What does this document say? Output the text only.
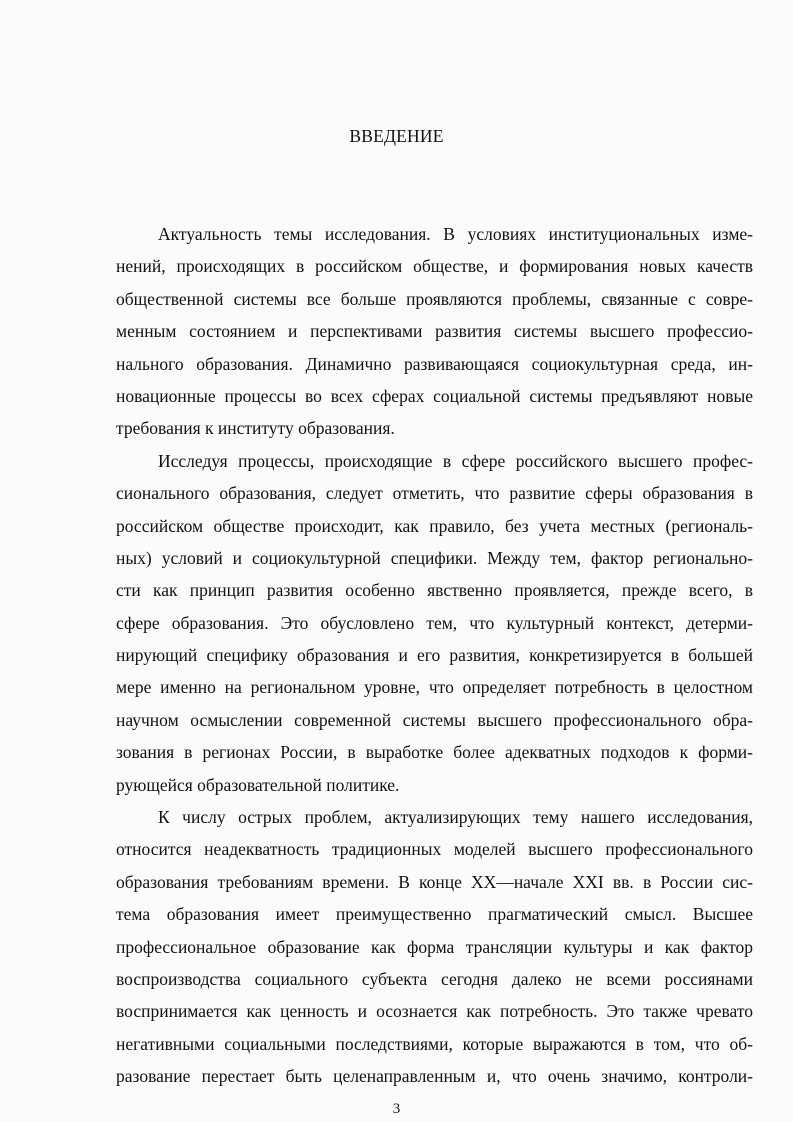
ВВЕДЕНИЕ
Актуальность темы исследования. В условиях институциональных изме-
нений, происходящих в российском обществе, и формирования новых качеств
общественной системы все больше проявляются проблемы, связанные с совре-
менным состоянием и перспективами развития системы высшего профессио-
нального образования. Динамично развивающаяся социокультурная среда, ин-
новационные процессы во всех сферах социальной системы предъявляют новые
требования к институту образования.
Исследуя процессы, происходящие в сфере российского высшего профес-
сионального образования, следует отметить, что развитие сферы образования в
российском обществе происходит, как правило, без учета местных (региональ-
ных) условий и социокультурной специфики. Между тем, фактор регионально-
сти как принцип развития особенно явственно проявляется, прежде всего, в
сфере образования. Это обусловлено тем, что культурный контекст, детерми-
нирующий специфику образования и его развития, конкретизируется в большей
мере именно на региональном уровне, что определяет потребность в целостном
научном осмыслении современной системы высшего профессионального обра-
зования в регионах России, в выработке более адекватных подходов к форми-
рующейся образовательной политике.
К числу острых проблем, актуализирующих тему нашего исследования,
относится неадекватность традиционных моделей высшего профессионального
образования требованиям времени. В конце XX—начале XXI вв. в России сис-
тема образования имеет преимущественно прагматический смысл. Высшее
профессиональное образование как форма трансляции культуры и как фактор
воспроизводства социального субъекта сегодня далеко не всеми россиянами
воспринимается как ценность и осознается как потребность. Это также чревато
негативными социальными последствиями, которые выражаются в том, что об-
разование перестает быть целенаправленным и, что очень значимо, контроли-
3
